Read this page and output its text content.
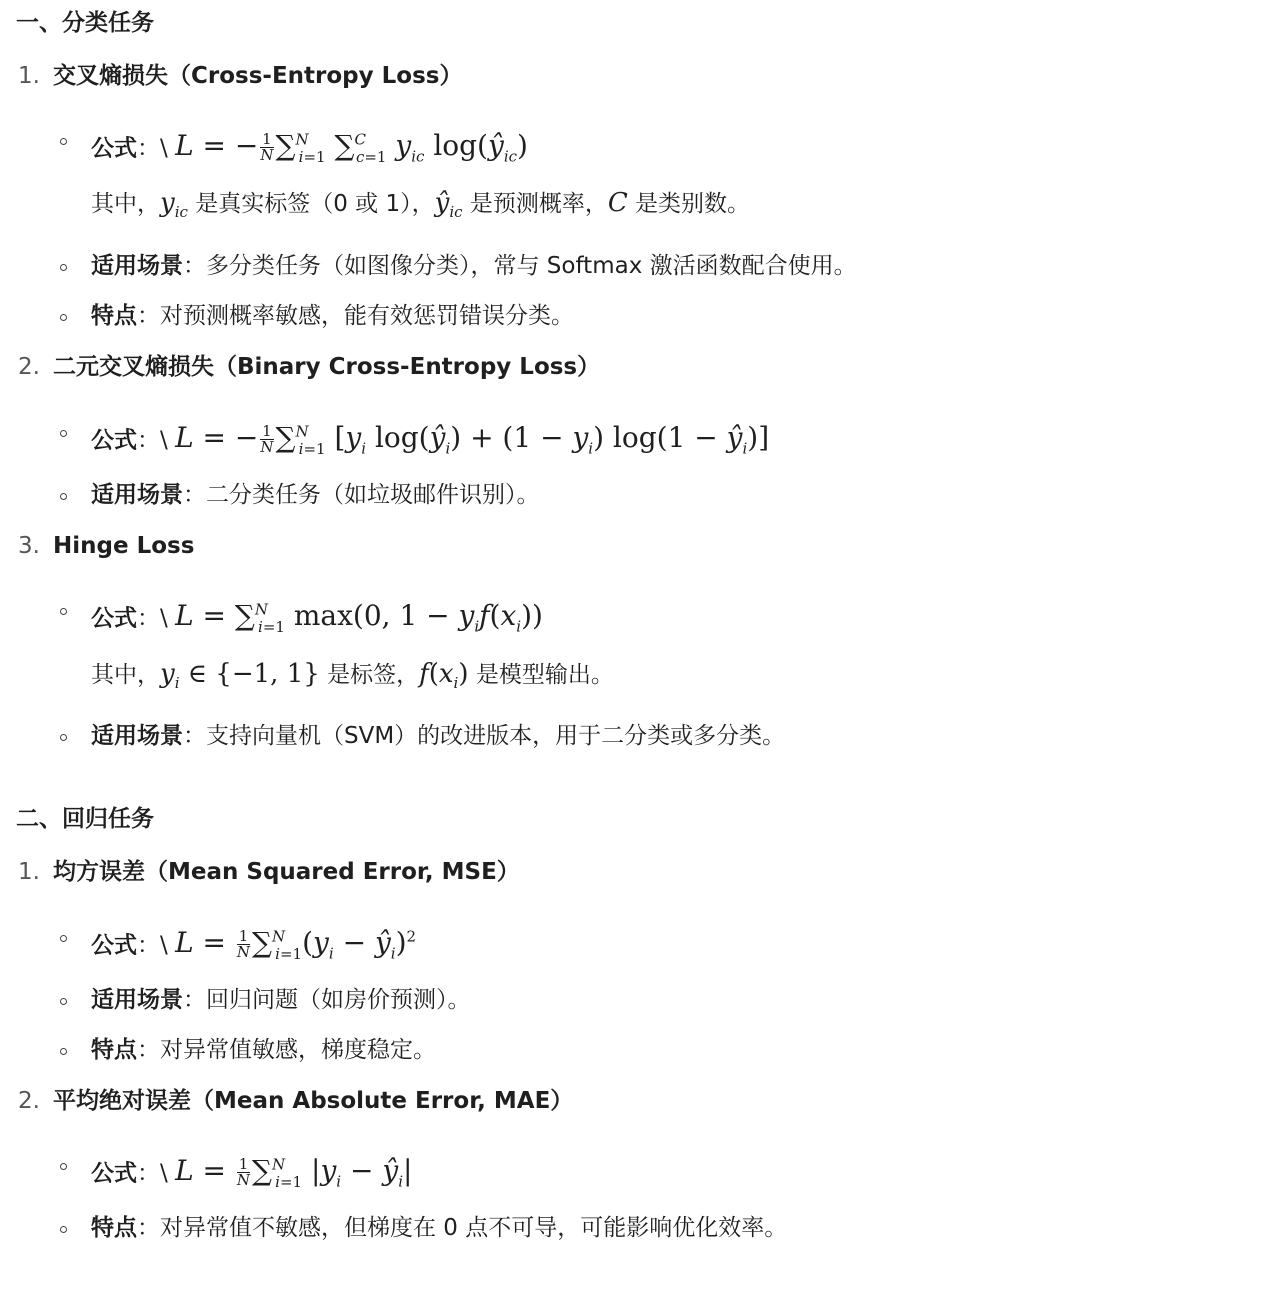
一、分类任务
1. 交叉熵损失（Cross-Entropy Loss）
公式：\ L = − $\frac{1}{N} \sum^N_{i=1}$ ∑$^C_{c=1}$ $y_{ic}$ $\log(ŷ_{ic})$
其中，$y_{ic}$ 是真实标签（0 或 1），$ŷ_{ic}$ 是预测概率，C 是类别数。
适用场景：多分类任务（如图像分类），常与 Softmax 激活函数配合使用。
特点：对预测概率敏感，能有效惩罚错误分类。
2. 二元交叉熵损失（Binary Cross-Entropy Loss）
公式：\ L = − $\frac{1}{N} \sum^N_{i=1}$ [$y_i$ $\log(ŷ_i) + (1 - y_i) \log(1$ − $ŷ_i$)]
适用场景：二分类任务（如垃圾邮件识别）。
3. Hinge Loss
公式：\ L = ∑$^N_{i=1}$ max(0, $1 - y_if(x_i)$)
其中，$y_i$ ∈ {−1, 1} 是标签，$f(x_i)$ 是模型输出。
适用场景：支持向量机（SVM）的改进版本，用于二分类或多分类。
二、回归任务
1. 均方误差（Mean Squared Error, MSE）
公式：\ $L = \frac{1}{N} \sum^N_{i=1}(y_i$ − $ŷ_i)^2$
适用场景：回归问题（如房价预测）。
特点：对异常值敏感，梯度稳定。
2. 平均绝对误差（Mean Absolute Error, MAE）
公式：\ $L = \frac{1}{N} \sum^N_{i=1}$ $|y_i$ − $ŷ_i|$
特点：对异常值不敏感，但梯度在 0 点不可导，可能影响优化效率。
